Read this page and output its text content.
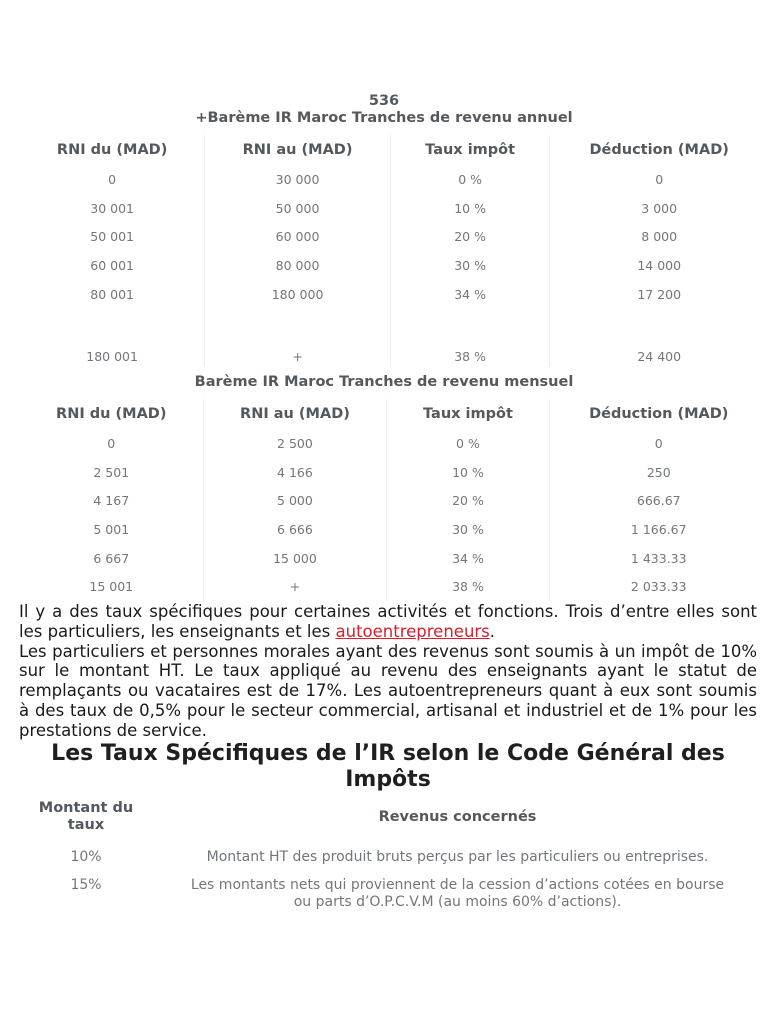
536
+Barème IR Maroc Tranches de revenu annuel
RNI du (MAD)	RNI au (MAD)	Taux impôt	Déduction (MAD)
0	30 000	0 %	0
30 001	50 000	10 %	3 000
50 001	60 000	20 %	8 000
60 001	80 000	30 %	14 000
80 001	180 000	34 %	17 200
180 001	+	38 %	24 400
Barème IR Maroc Tranches de revenu mensuel
RNI du (MAD)	RNI au (MAD)	Taux impôt	Déduction (MAD)
0	2 500	0 %	0
2 501	4 166	10 %	250
4 167	5 000	20 %	666.67
5 001	6 666	30 %	1 166.67
6 667	15 000	34 %	1 433.33
15 001	+	38 %	2 033.33

Il y a des taux spécifiques pour certaines activités et fonctions. Trois d’entre elles sont les particuliers, les enseignants et les autoentrepreneurs.

Les particuliers et personnes morales ayant des revenus sont soumis à un impôt de 10% sur le montant HT. Le taux appliqué au revenu des enseignants ayant le statut de remplaçants ou vacataires est de 17%. Les autoentrepreneurs quant à eux sont soumis à des taux de 0,5% pour le secteur commercial, artisanal et industriel et de 1% pour les prestations de service.

Les Taux Spécifiques de l’IR selon le Code Général des Impôts
Montant du taux	Revenus concernés
10%	Montant HT des produit bruts perçus par les particuliers ou entreprises.
15%	Les montants nets qui proviennent de la cession d’actions cotées en bourse ou parts d’O.P.C.V.M (au moins 60% d’actions).
